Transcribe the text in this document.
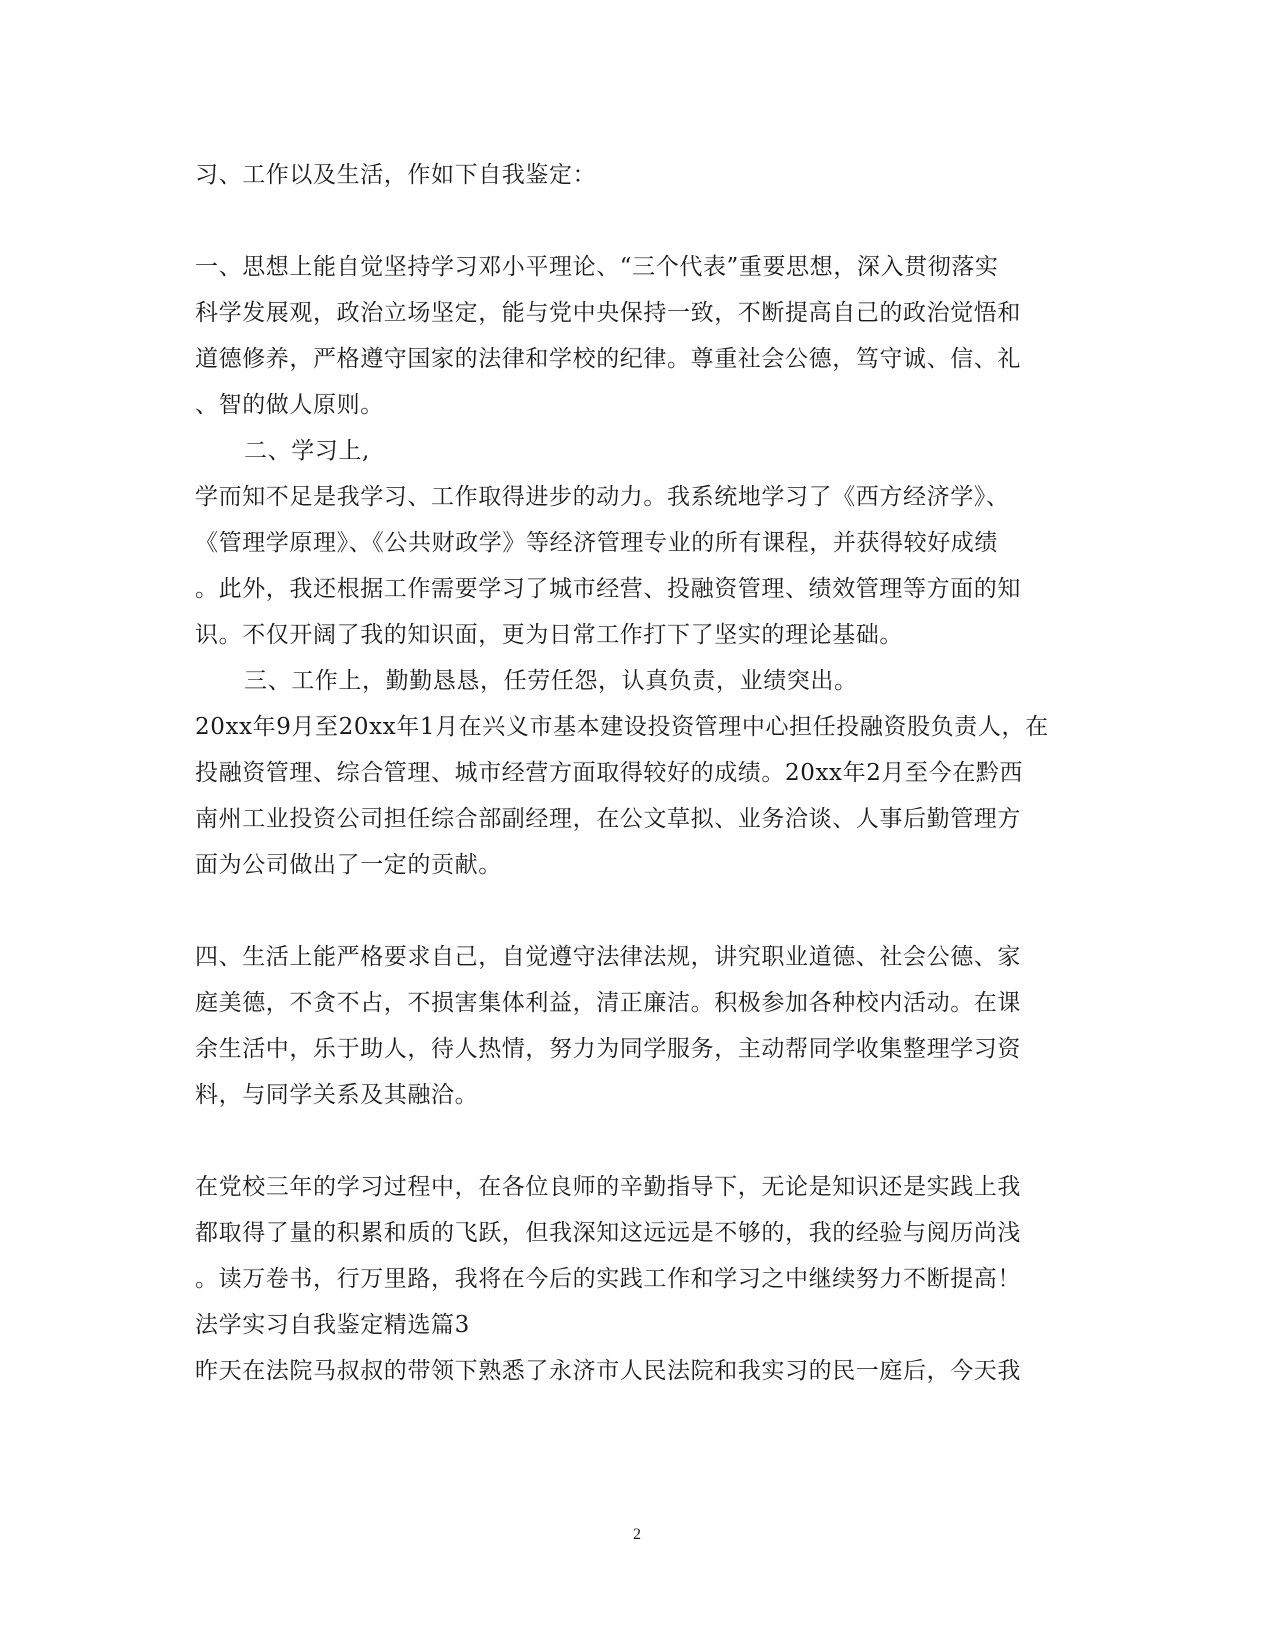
习、工作以及生活，作如下自我鉴定：
一、思想上能自觉坚持学习邓小平理论、“三个代表”重要思想，深入贯彻落实
科学发展观，政治立场坚定，能与党中央保持一致，不断提高自己的政治觉悟和
道德修养，严格遵守国家的法律和学校的纪律。尊重社会公德，笃守诚、信、礼
、智的做人原则。
二、学习上,
学而知不足是我学习、工作取得进步的动力。我系统地学习了《西方经济学》、
《管理学原理》、《公共财政学》等经济管理专业的所有课程，并获得较好成绩
。此外，我还根据工作需要学习了城市经营、投融资管理、绩效管理等方面的知
识。不仅开阔了我的知识面，更为日常工作打下了坚实的理论基础。
三、工作上，勤勤恳恳，任劳任怨，认真负责，业绩突出。
20xx年9月至20xx年1月在兴义市基本建设投资管理中心担任投融资股负责人，在
投融资管理、综合管理、城市经营方面取得较好的成绩。20xx年2月至今在黔西
南州工业投资公司担任综合部副经理，在公文草拟、业务洽谈、人事后勤管理方
面为公司做出了一定的贡献。
四、生活上能严格要求自己，自觉遵守法律法规，讲究职业道德、社会公德、家
庭美德，不贪不占，不损害集体利益，清正廉洁。积极参加各种校内活动。在课
余生活中，乐于助人，待人热情，努力为同学服务，主动帮同学收集整理学习资
料，与同学关系及其融洽。
在党校三年的学习过程中，在各位良师的辛勤指导下，无论是知识还是实践上我
都取得了量的积累和质的飞跃，但我深知这远远是不够的，我的经验与阅历尚浅
。读万卷书，行万里路，我将在今后的实践工作和学习之中继续努力不断提高！
法学实习自我鉴定精选篇3
昨天在法院马叔叔的带领下熟悉了永济市人民法院和我实习的民一庭后，今天我
2
